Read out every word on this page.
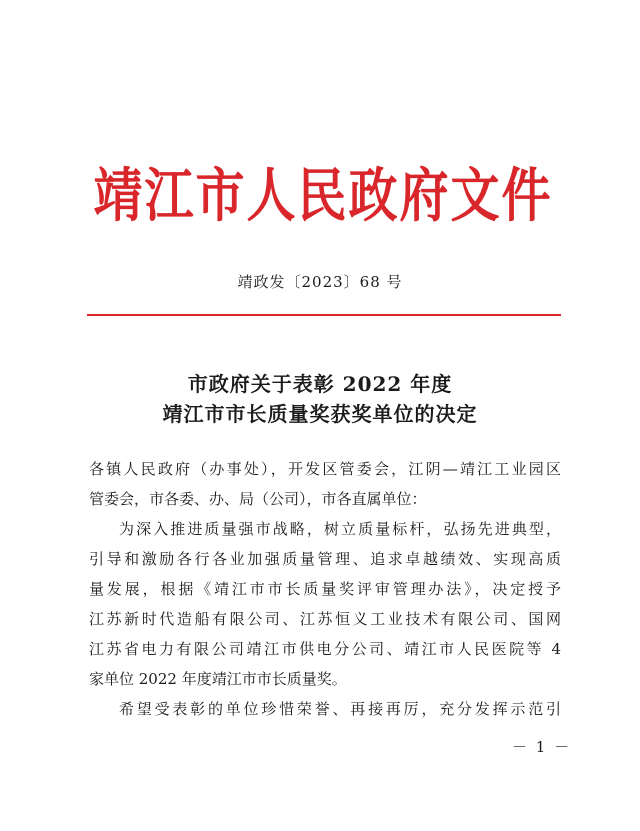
靖江市人民政府文件
靖政发〔2023〕68 号
市政府关于表彰 2022 年度
靖江市市长质量奖获奖单位的决定

各镇人民政府（办事处），开发区管委会，江阴—靖江工业园区

管委会，市各委、办、局（公司），市各直属单位：

为深入推进质量强市战略，树立质量标杆，弘扬先进典型，

引导和激励各行各业加强质量管理、追求卓越绩效、实现高质

量发展，根据《靖江市市长质量奖评审管理办法》，决定授予

江苏新时代造船有限公司、江苏恒义工业技术有限公司、国网

江苏省电力有限公司靖江市供电分公司、靖江市人民医院等 4

家单位 2022 年度靖江市市长质量奖。

希望受表彰的单位珍惜荣誉、再接再厉，充分发挥示范引

－ 1 －
